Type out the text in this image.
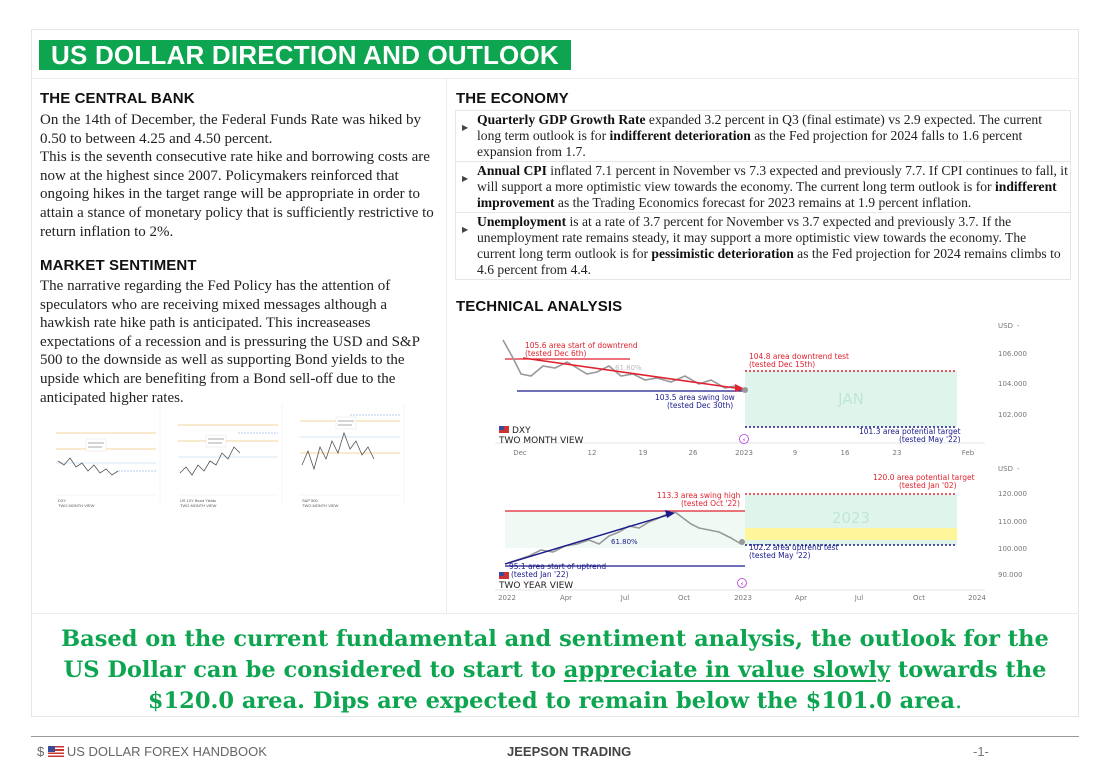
US DOLLAR DIRECTION AND OUTLOOK
THE CENTRAL BANK

On the 14th of December, the Federal Funds Rate was hiked by 0.50 to between 4.25 and 4.50 percent.

This is the seventh consecutive rate hike and borrowing costs are now at the highest since 2007. Policymakers reinforced that ongoing hikes in the target range will be appropriate in order to attain a stance of monetary policy that is sufficiently restrictive to return inflation to 2%.

MARKET SENTIMENT
The narrative regarding the Fed Policy has the attention of speculators who are receiving mixed messages although a hawkish rate hike path is anticipated. This increaseases expectations of a recession and is pressuring the USD and S&P 500 to the downside as well as supporting Bond yields to the upside which are benefiting from a Bond sell-off due to the anticipated higher rates.
DXY
TWO MONTH VIEW
US 10Y Bond Yields
TWO MONTH VIEW
S&P 500
TWO MONTH VIEW
THE ECONOMY
▶
Quarterly GDP Growth Rate expanded 3.2 percent in Q3 (final estimate) vs 2.9 expected. The current long term outlook is for indifferent deterioration as the Fed projection for 2024 falls to 1.6 percent expansion from 1.7.
▶
Annual CPI inflated 7.1 percent in November vs 7.3 expected and previously 7.7. If CPI continues to fall, it will support a more optimistic view towards the economy. The current long term outlook is for indifferent improvement as the Trading Economics forecast for 2023 remains at 1.9 percent inflation.
▶
Unemployment is at a rate of 3.7 percent for November vs 3.7 expected and previously 3.7. If the unemployment rate remains steady, it may support a more optimistic view towards the economy. The current long term outlook is for pessimistic deterioration as the Fed projection for 2024 remains climbs to 4.6 percent from 4.4.
TECHNICAL ANALYSIS
JAN
61.80%
105.6 area start of downtrend
(tested Dec 6th)	104.8 area downtrend test
(tested Dec 15th)
103.5 area swing low
(tested Dec 30th)
101.3 area potential target
(tested May '22)
USD -
106.000
104.000
102.000
Dec	12	19	26	2023	9	16	23	Feb
⚡
DXY
TWO MONTH VIEW
2023
61.80%
120.0 area potential target
(tested Jan '02)
113.3 area swing high
(tested Oct '22)
102.2 area uptrend test
(tested May '22)
95.1 area start of uptrend
(tested Jan '22)
USD -
120.000
110.000
100.000
90.000
2022	Apr	Jul	Oct	2023	Apr	Jul	Oct	2024
⚡
TWO YEAR VIEW
Based on the current fundamental and sentiment analysis, the outlook for the US Dollar can be considered to start to appreciate in value slowly towards the $120.0 area. Dips are expected to remain below the $101.0 area.
$ US DOLLAR FOREX HANDBOOK	JEEPSON TRADING	-1-
